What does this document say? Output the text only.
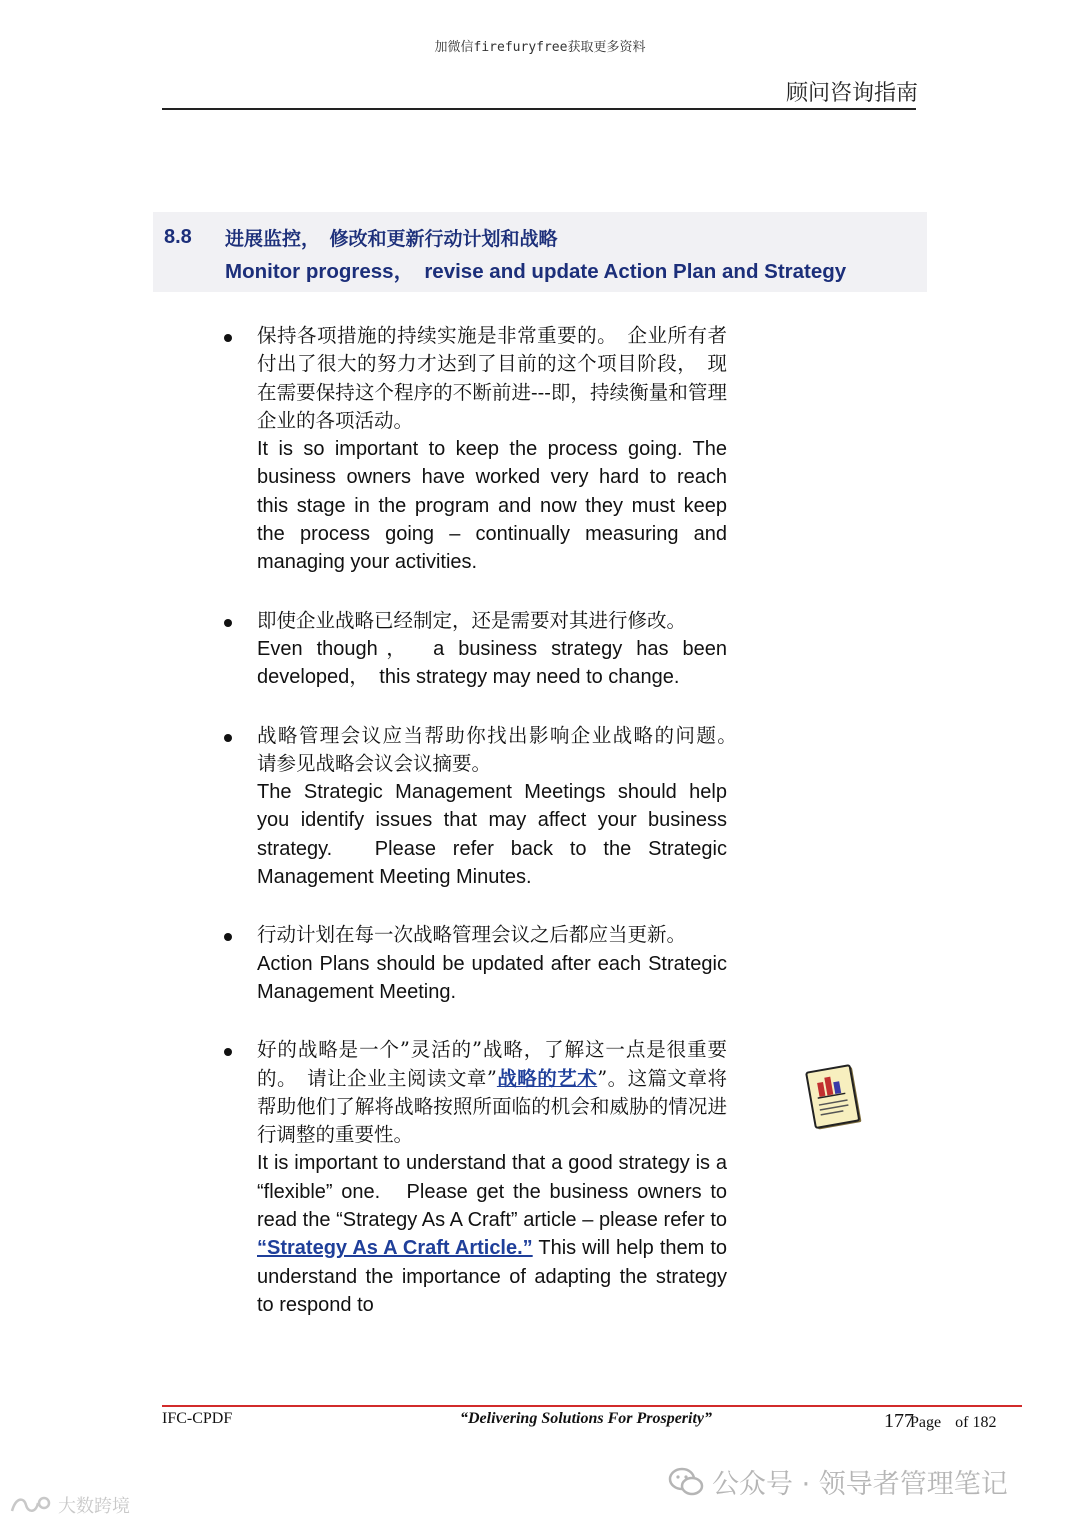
加微信firefuryfree获取更多资料
顾问咨询指南
8.8 进展监控，　修改和更新行动计划和战略
Monitor progress，　revise and update Action Plan and Strategy
保持各项措施的持续实施是非常重要的。　企业所有者付出了很大的努力才达到了目前的这个项目阶段，　现在需要保持这个程序的不断前进---即，持续衡量和管理企业的各项活动。
It is so important to keep the process going. The business owners have worked very hard to reach this stage in the program and now they must keep the process going – continually measuring and managing your activities.
即使企业战略已经制定，还是需要对其进行修改。
Even though，　a business strategy has been developed，　this strategy may need to change.
战略管理会议应当帮助你找出影响企业战略的问题。　请参见战略会议会议摘要。
The Strategic Management Meetings should help you identify issues that may affect your business strategy.　Please refer back to the Strategic Management Meeting Minutes.
行动计划在每一次战略管理会议之后都应当更新。
Action Plans should be updated after each Strategic Management Meeting.
好的战略是一个”灵活的”战略，了解这一点是很重要的。　请让企业主阅读文章”战略的艺术”。这篇文章将帮助他们了解将战略按照所面临的机会和威胁的情况进行调整的重要性。
It is important to understand that a good strategy is a “flexible” one.　Please get the business owners to read the “Strategy As A Craft” article – please refer to “Strategy As A Craft Article.” This will help them to understand the importance of adapting the strategy to respond to
IFC-CPDF	“Delivering Solutions For Prosperity”	177Page of 182
公众号 · 领导者管理笔记
大数跨境
